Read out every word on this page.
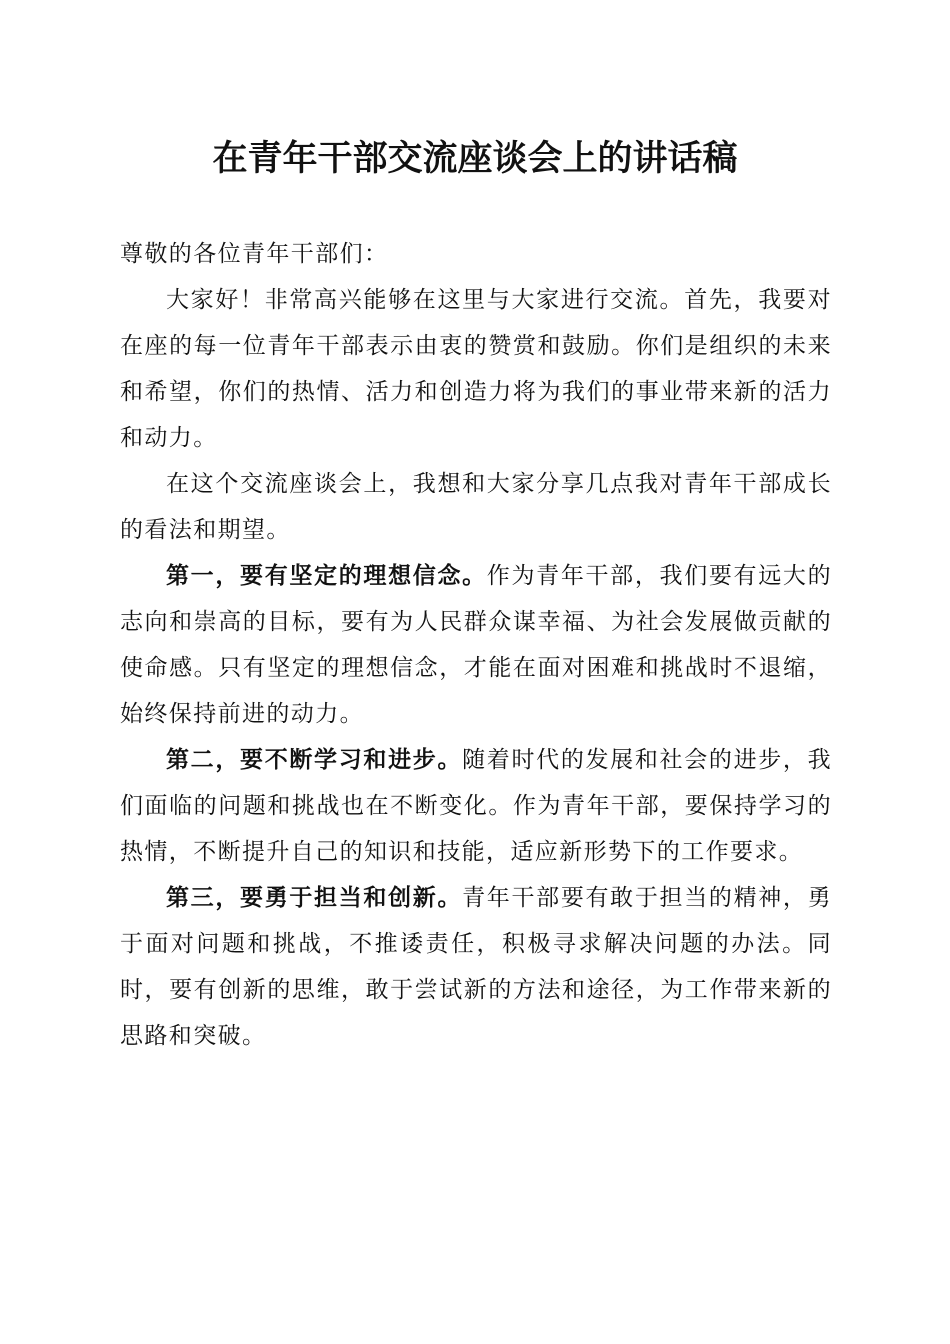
在青年干部交流座谈会上的讲话稿

尊敬的各位青年干部们：

大家好！非常高兴能够在这里与大家进行交流。首先，我要对在座的每一位青年干部表示由衷的赞赏和鼓励。你们是组织的未来和希望，你们的热情、活力和创造力将为我们的事业带来新的活力和动力。

在这个交流座谈会上，我想和大家分享几点我对青年干部成长的看法和期望。

第一，要有坚定的理想信念。作为青年干部，我们要有远大的志向和崇高的目标，要有为人民群众谋幸福、为社会发展做贡献的使命感。只有坚定的理想信念，才能在面对困难和挑战时不退缩，始终保持前进的动力。

第二，要不断学习和进步。随着时代的发展和社会的进步，我们面临的问题和挑战也在不断变化。作为青年干部，要保持学习的热情，不断提升自己的知识和技能，适应新形势下的工作要求。

第三，要勇于担当和创新。青年干部要有敢于担当的精神，勇于面对问题和挑战，不推诿责任，积极寻求解决问题的办法。同时，要有创新的思维，敢于尝试新的方法和途径，为工作带来新的思路和突破。
